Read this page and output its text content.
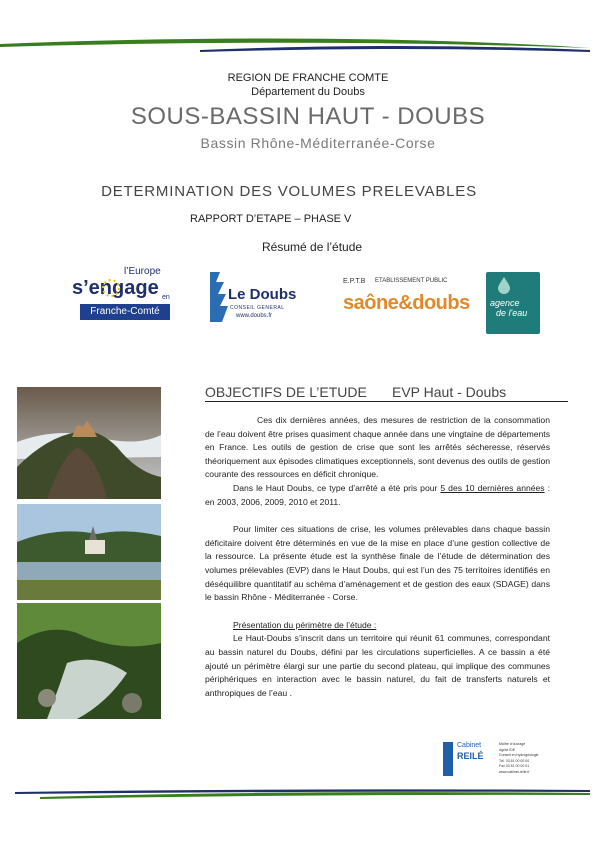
REGION DE FRANCHE COMTE
Département du Doubs
SOUS-BASSIN HAUT - DOUBS
Bassin Rhône-Méditerranée-Corse
DETERMINATION DES VOLUMES PRELEVABLES
RAPPORT D’ETAPE – PHASE V
Résumé de l’étude
l’Europe
s’engage en
Franche-Comté
Le Doubs
CONSEIL GENERAL
www.doubs.fr
E.P.T.B ETABLISSEMENT PUBLIC
saône&doubs agence
de l'eau
OBJECTIFS DE L’ETUDE EVP Haut - Doubs

Ces dix dernières années, des mesures de restriction de la consommation de l’eau doivent être prises quasiment chaque année dans une vingtaine de départements en France. Les outils de gestion de crise que sont les arrêtés sécheresse, réservés théoriquement aux épisodes climatiques exceptionnels, sont devenus des outils de gestion courante des ressources en déficit chronique.

Dans le Haut Doubs, ce type d’arrêté a été pris pour 5 des 10 dernières années : en 2003, 2006, 2009, 2010 et 2011.

Pour limiter ces situations de crise, les volumes prélevables dans chaque bassin déficitaire doivent être déterminés en vue de la mise en place d’une gestion collective de la ressource. La présente étude est la synthèse finale de l’étude de détermination des volumes prélevables (EVP) dans le Haut Doubs, qui est l’un des 75 territoires identifiés en déséquilibre quantitatif au schéma d’aménagement et de gestion des eaux (SDAGE) dans le bassin Rhône - Méditerranée - Corse.

Présentation du périmètre de l’étude :

Le Haut-Doubs s’inscrit dans un territoire qui réunit 61 communes, correspondant au bassin naturel du Doubs, défini par les circulations superficielles. A ce bassin a été ajouté un périmètre élargi sur une partie du second plateau, qui implique des communes périphériques en interaction avec le bassin naturel, du fait de transferts naturels et anthropiques de l’eau .

Cabinet
REILÉ
Maître d’ouvrage
Agréé IDE
Conseil en hydrogéologie
Tél. 03 81 00 00 00
Fax 03 81 00 00 01
www.cabinet-reile.fr
